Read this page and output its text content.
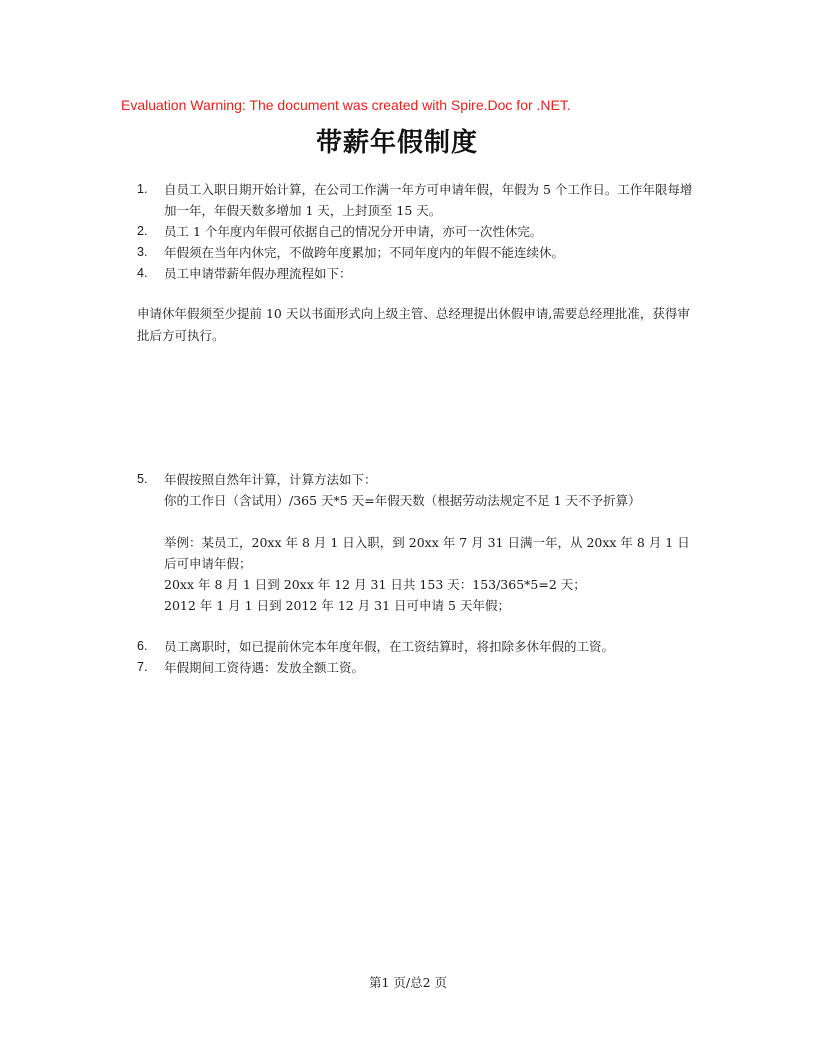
Evaluation Warning: The document was created with Spire.Doc for .NET.
带薪年假制度
1. 自员工入职日期开始计算，在公司工作满一年方可申请年假，年假为 5 个工作日。工作年限每增加一年，年假天数多增加 1 天，上封顶至 15 天。
2. 员工 1 个年度内年假可依据自己的情况分开申请，亦可一次性休完。
3. 年假须在当年内休完，不做跨年度累加；不同年度内的年假不能连续休。
4. 员工申请带薪年假办理流程如下：
申请休年假须至少提前 10 天以书面形式向上级主管、总经理提出休假申请,需要总经理批准，获得审批后方可执行。
5. 年假按照自然年计算，计算方法如下：
你的工作日（含试用）/365 天*5 天=年假天数（根据劳动法规定不足 1 天不予折算）
举例：某员工，20xx 年 8 月 1 日入职，到 20xx 年 7 月 31 日满一年，从 20xx 年 8 月 1 日后可申请年假；
20xx 年 8 月 1 日到 20xx 年 12 月 31 日共 153 天：153/365*5=2 天；
2012 年 1 月 1 日到 2012 年 12 月 31 日可申请 5 天年假；
6. 员工离职时，如已提前休完本年度年假，在工资结算时，将扣除多休年假的工资。
7. 年假期间工资待遇：发放全额工资。
第1 页/总2 页
